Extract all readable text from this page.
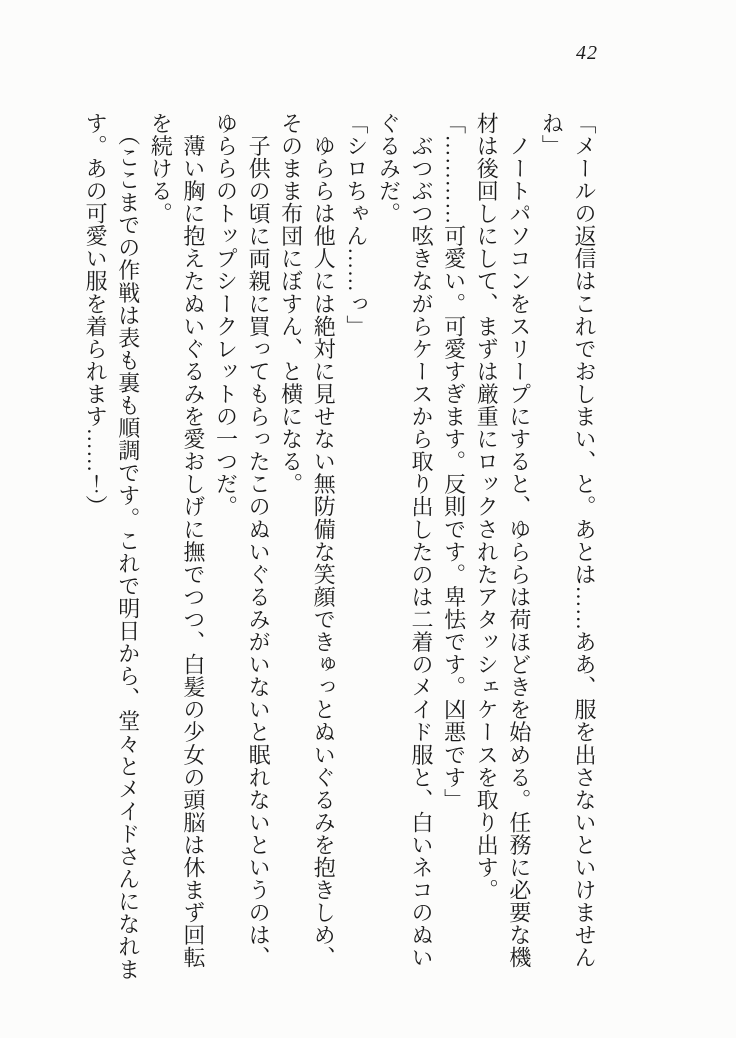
42
「メールの返信はこれでおしまい、と。あとは……ああ、服を出さないといけません
ね」
　ノートパソコンをスリープにすると、ゆららは荷ほどきを始める。任務に必要な機
材は後回しにして、まずは厳重にロックされたアタッシェケースを取り出す。
「…………可愛い。可愛すぎます。反則です。卑怯です。凶悪です」
　ぶつぶつ呟きながらケースから取り出したのは二着のメイド服と、白いネコのぬい
ぐるみだ。
「シロちゃん……っ」
　ゆららは他人には絶対に見せない無防備な笑顔できゅっとぬいぐるみを抱きしめ、
そのまま布団にぼすん、と横になる。
　子供の頃に両親に買ってもらったこのぬいぐるみがいないと眠れないというのは、
ゆららのトップシークレットの一つだ。
　薄い胸に抱えたぬいぐるみを愛おしげに撫でつつ、白髪の少女の頭脳は休まず回転
を続ける。
　（ここまでの作戦は表も裏も順調です。これで明日から、堂々とメイドさんになれま
す。あの可愛い服を着られます……！）
